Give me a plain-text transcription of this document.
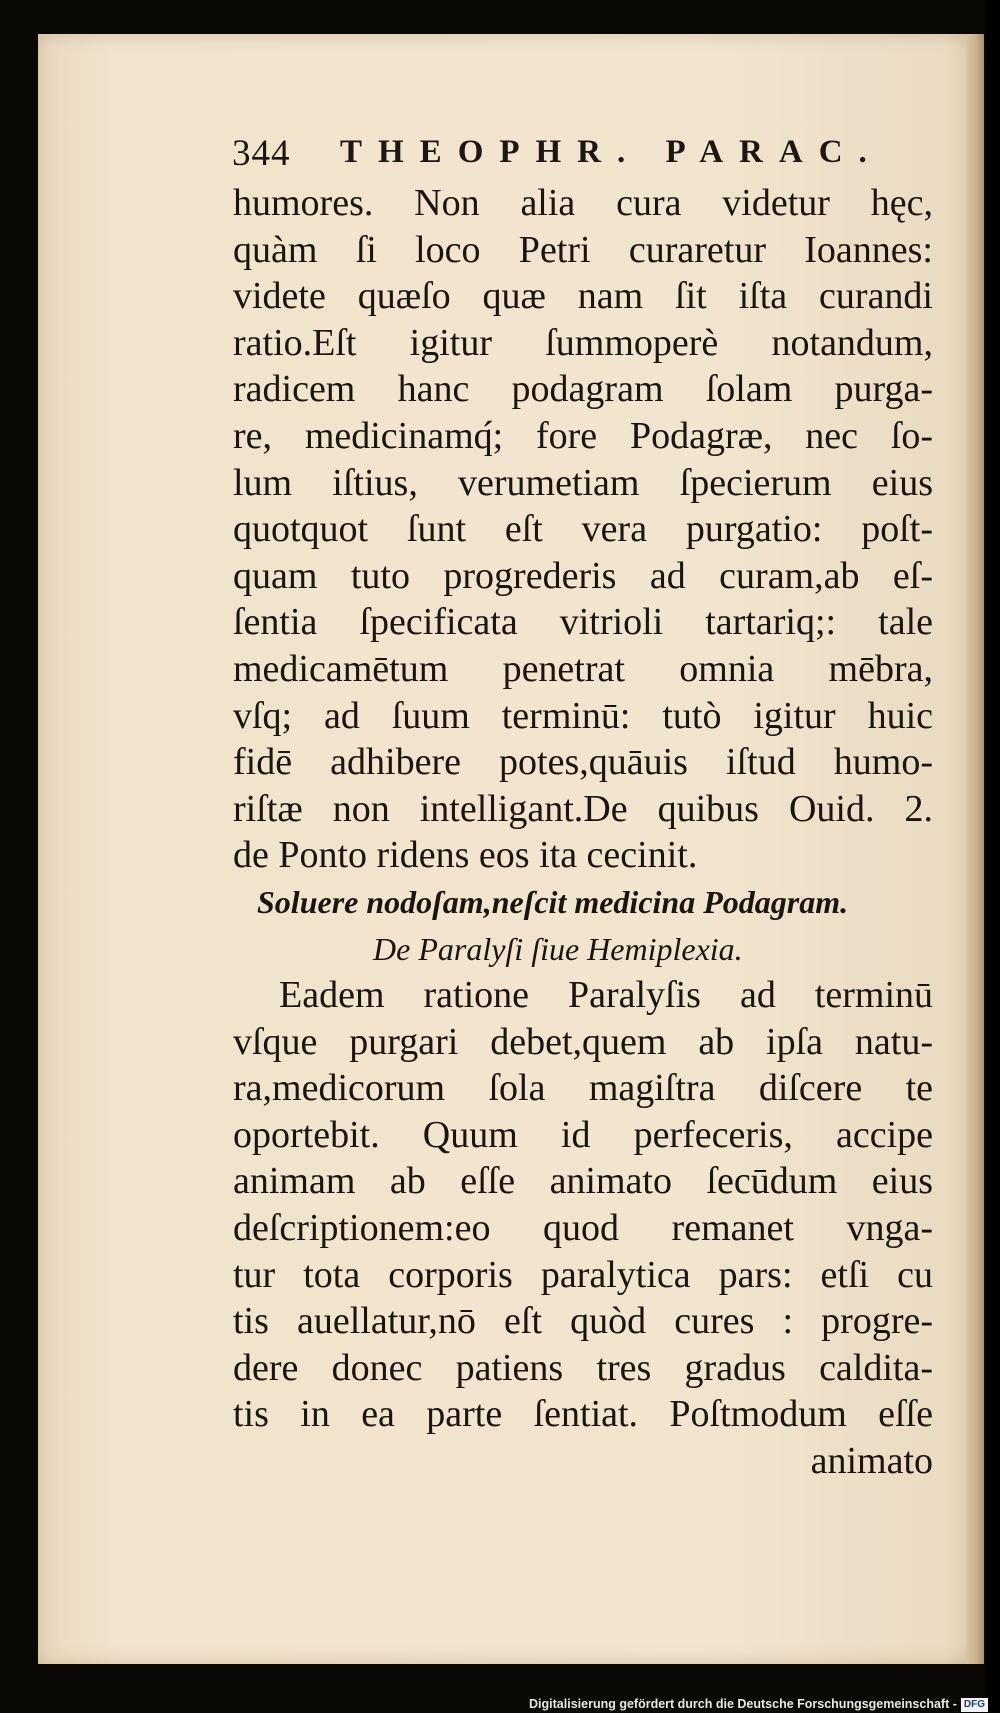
344 THEOPHR. PARAC.
humores. Non alia cura videtur hęc,
quàm ſi loco Petri curaretur Ioannes:
videte quæſo quæ nam ſit iſta curandi
ratio.Eſt igitur ſummoperè notandum,
radicem hanc podagram ſolam purga-
re, medicinamq́; fore Podagræ, nec ſo-
lum iſtius, verumetiam ſpecierum eius
quotquot ſunt eſt vera purgatio: poſt-
quam tuto progrederis ad curam,ab eſ-
ſentia ſpecificata vitrioli tartariq;: tale
medicamētum penetrat omnia mēbra,
vſq; ad ſuum terminū: tutò igitur huic
fidē adhibere potes,quāuis iſtud humo-
riſtæ non intelligant.De quibus Ouid. 2.
de Ponto ridens eos ita cecinit.
Soluere nodoſam,neſcit medicina Podagram.
De Paralyſi ſiue Hemiplexia.
Eadem ratione Paralyſis ad terminū
vſque purgari debet,quem ab ipſa natu-
ra,medicorum ſola magiſtra diſcere te
oportebit. Quum id perfeceris, accipe
animam ab eſſe animato ſecūdum eius
deſcriptionem:eo quod remanet vnga-
tur tota corporis paralytica pars: etſi cu
tis auellatur,nō eſt quòd cures : progre-
dere donec patiens tres gradus caldita-
tis in ea parte ſentiat. Poſtmodum eſſe
animato
Digitalisierung gefördert durch die Deutsche Forschungsgemeinschaft - DFG
